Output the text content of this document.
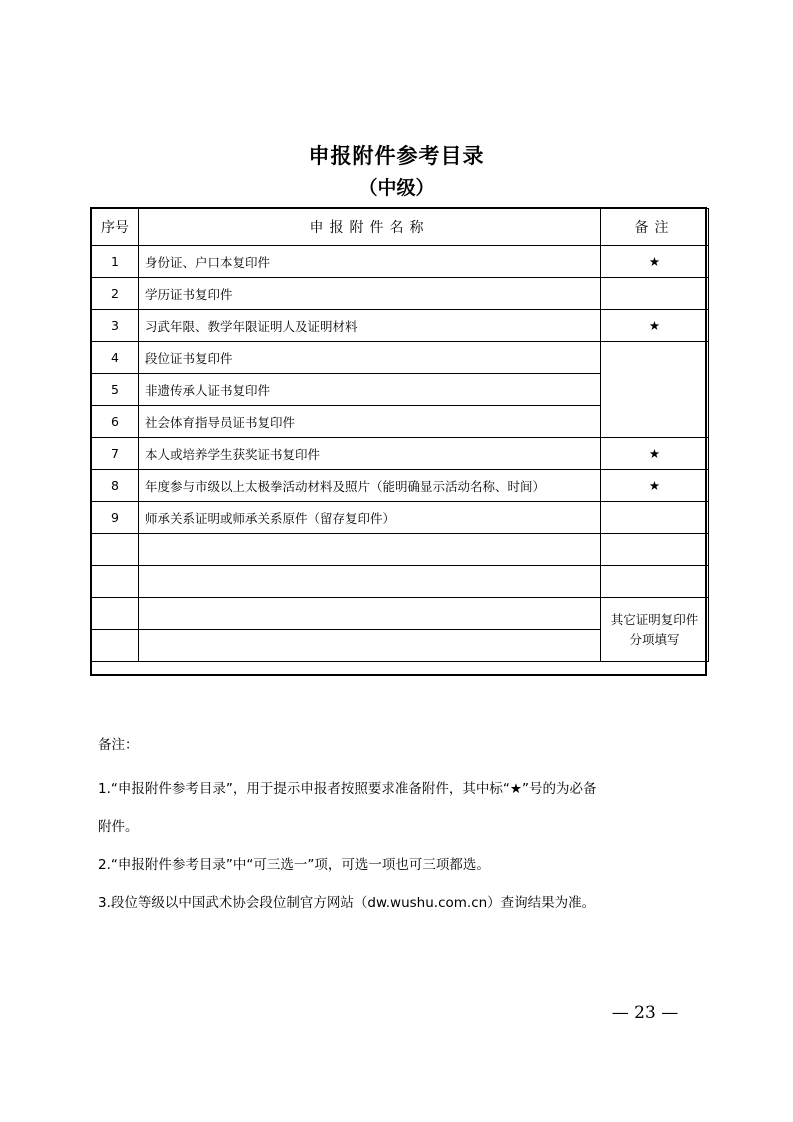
申报附件参考目录
（中级）
序号	申报附件名称	备注
1	身份证、户口本复印件	★
2	学历证书复印件	
3	习武年限、教学年限证明人及证明材料	★
4	段位证书复印件	
5	非遗传承人证书复印件	
6	社会体育指导员证书复印件	
7	本人或培养学生获奖证书复印件	★
8	年度参与市级以上太极拳活动材料及照片（能明确显示活动名称、时间）	★
9	师承关系证明或师承关系原件（留存复印件）	

		其它证明复印件分项填写

备注：

1.“申报附件参考目录”，用于提示申报者按照要求准备附件，其中标“★”号的为必备

附件。

2.“申报附件参考目录”中“可三选一”项，可选一项也可三项都选。

3.段位等级以中国武术协会段位制官方网站（dw.wushu.com.cn）查询结果为准。

— 23 —
